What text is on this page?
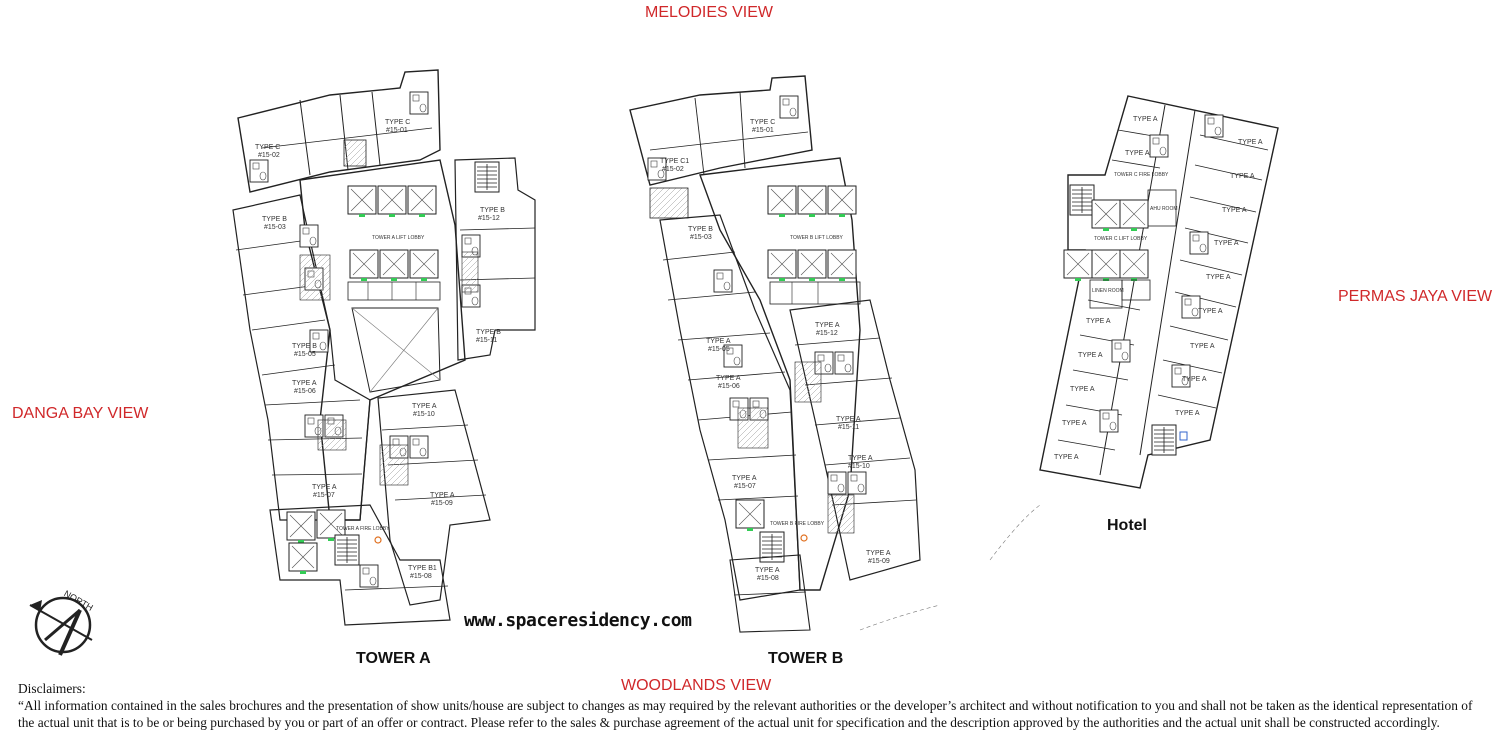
MELODIES VIEW
DANGA BAY VIEW
PERMAS JAYA VIEW
WOODLANDS VIEW
TYPE C
#15-02
TYPE C
#15-01
TYPE B
#15-03
TYPE B
#15-12
TYPE B
#15-05
TYPE B
#15-11
TYPE A
#15-06
TYPE A
#15-10
TYPE A
#15-07	TYPE A
#15-09
TYPE B1
#15-08
TOWER A LIFT LOBBY
TOWER A FIRE LOBBY
TYPE C1
#15-02
TYPE C
#15-01
TYPE B
#15-03
TYPE A
#15-05
TYPE A
#15-12
TYPE A
#15-06
TYPE A
#15-11
TYPE A
#15-10
TYPE A
#15-07
TYPE A
#15-09
TYPE A
#15-08
TOWER B LIFT LOBBY
TOWER B FIRE LOBBY
TYPE A
TYPE A
TYPE A
TYPE A
TYPE A
TYPE A
TYPE A
TYPE A
TYPE A
TYPE A
TYPE A
TYPE A
TYPE A
TYPE A
TYPE A
TYPE A
TOWER C LIFT LOBBY
TOWER C FIRE LOBBY
AHU ROOM
LINEN ROOM
NORTH
TOWER A	TOWER B
Hotel
www.spaceresidency.com

Disclaimers:

“All information contained in the sales brochures and the presentation of show units/house are subject to changes as may required by the relevant authorities or the developer’s architect and without notification to you and shall not be taken as the identical representation of the actual unit that is to be or being purchased by you or part of an offer or contract. Please refer to the sales & purchase agreement of the actual unit for specification and the description approved by the authorities and the actual unit shall be constructed accordingly.
